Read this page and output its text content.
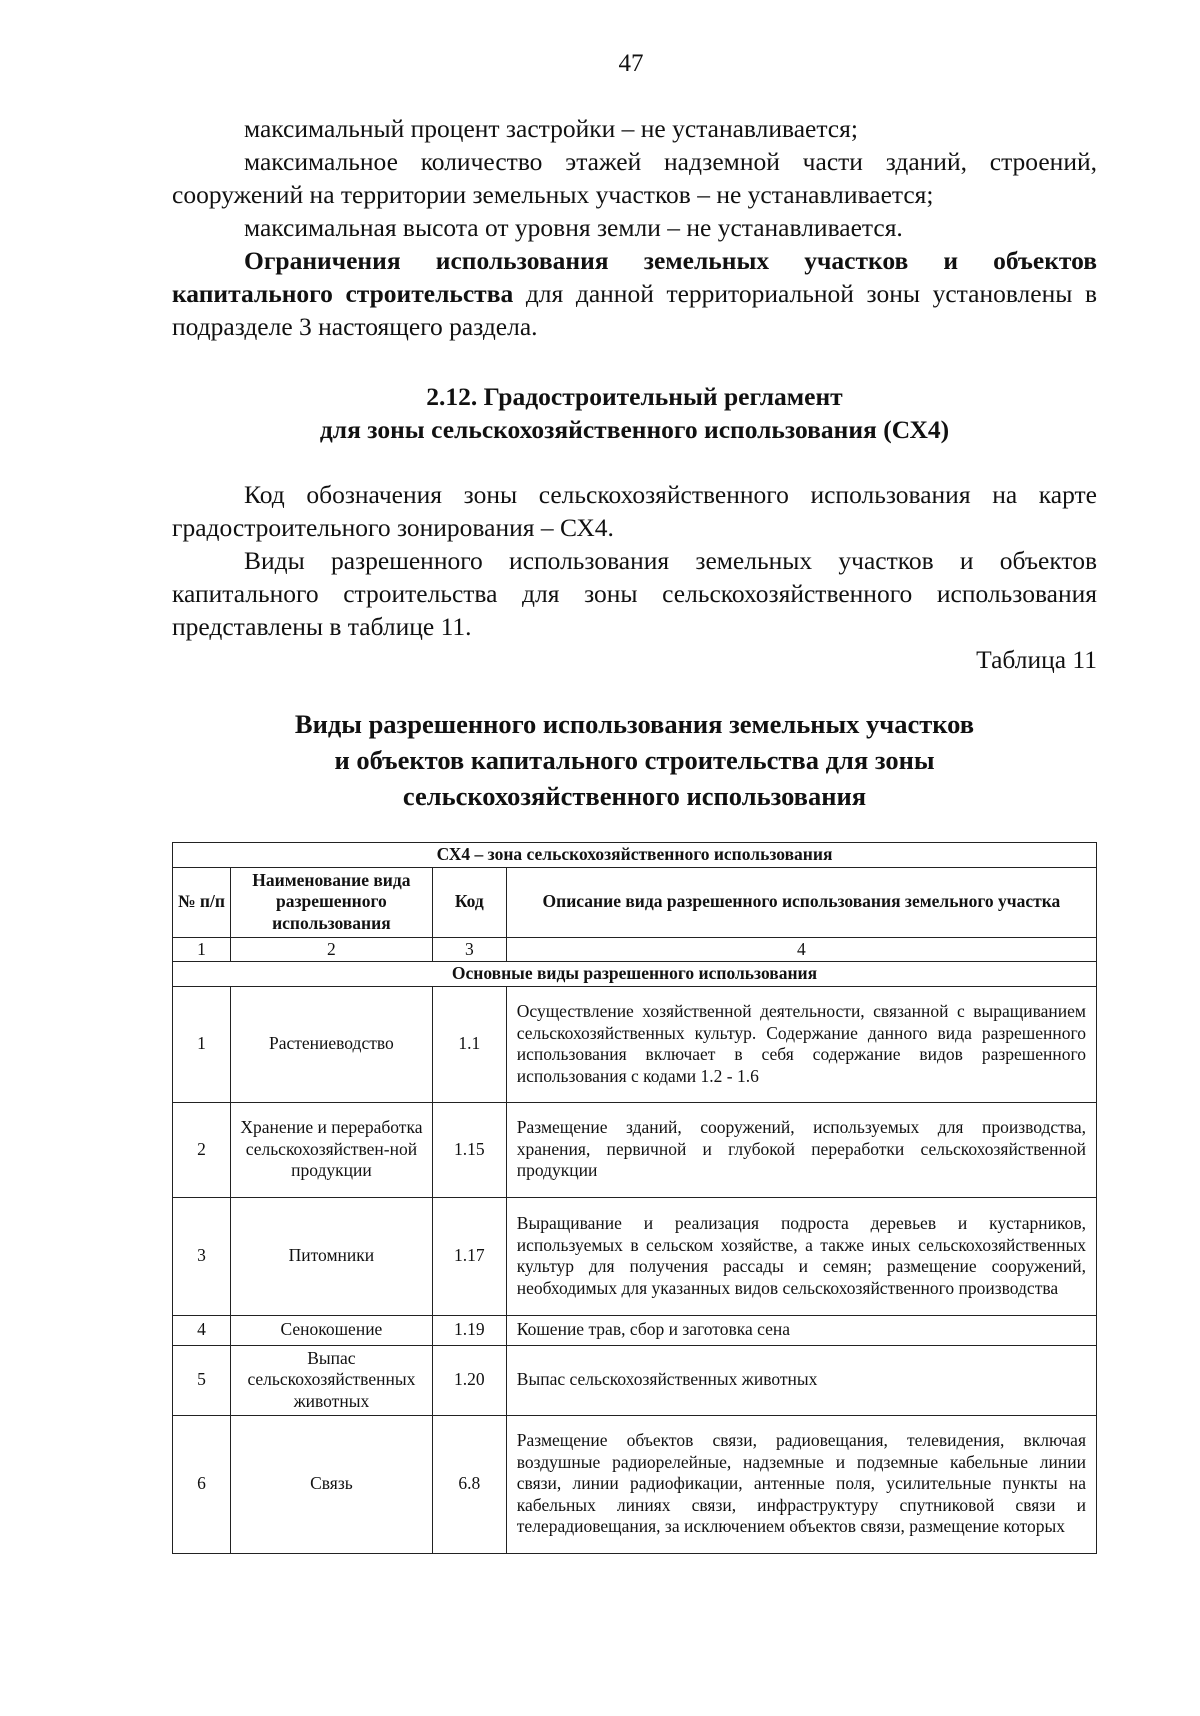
47

максимальный процент застройки – не устанавливается;

максимальное количество этажей надземной части зданий, строений, сооружений на территории земельных участков – не устанавливается;

максимальная высота от уровня земли – не устанавливается.

Ограничения использования земельных участков и объектов капитального строительства для данной территориальной зоны установлены в подразделе 3 настоящего раздела.

2.12. Градостроительный регламент

для зоны сельскохозяйственного использования (СХ4)

Код обозначения зоны сельскохозяйственного использования на карте градостроительного зонирования – СХ4.

Виды разрешенного использования земельных участков и объектов капитального строительства для зоны сельскохозяйственного использования представлены в таблице 11.

Таблица 11

Виды разрешенного использования земельных участков

и объектов капитального строительства для зоны

сельскохозяйственного использования

СХ4 – зона сельскохозяйственного использования			
№ п/п	Наименование вида разрешенного использования	Код	Описание вида разрешенного использования земельного участка
1	2	3	4
Основные виды разрешенного использования			
1	Растениеводство	1.1	Осуществление хозяйственной деятельности, связанной с выращиванием сельскохозяйственных культур. Содержание данного вида разрешенного использования включает в себя содержание видов разрешенного использования с кодами 1.2 - 1.6
2	Хранение и переработка сельскохозяйствен-ной продукции	1.15	Размещение зданий, сооружений, используемых для производства, хранения, первичной и глубокой переработки сельскохозяйственной продукции
3	Питомники	1.17	Выращивание и реализация подроста деревьев и кустарников, используемых в сельском хозяйстве, а также иных сельскохозяйственных культур для получения рассады и семян; размещение сооружений, необходимых для указанных видов сельскохозяйственного производства
4	Сенокошение	1.19	Кошение трав, сбор и заготовка сена
5	Выпас сельскохозяйственных животных	1.20	Выпас сельскохозяйственных животных
6	Связь	6.8	Размещение объектов связи, радиовещания, телевидения, включая воздушные радиорелейные, надземные и подземные кабельные линии связи, линии радиофикации, антенные поля, усилительные пункты на кабельных линиях связи, инфраструктуру спутниковой связи и телерадиовещания, за исключением объектов связи, размещение которых
